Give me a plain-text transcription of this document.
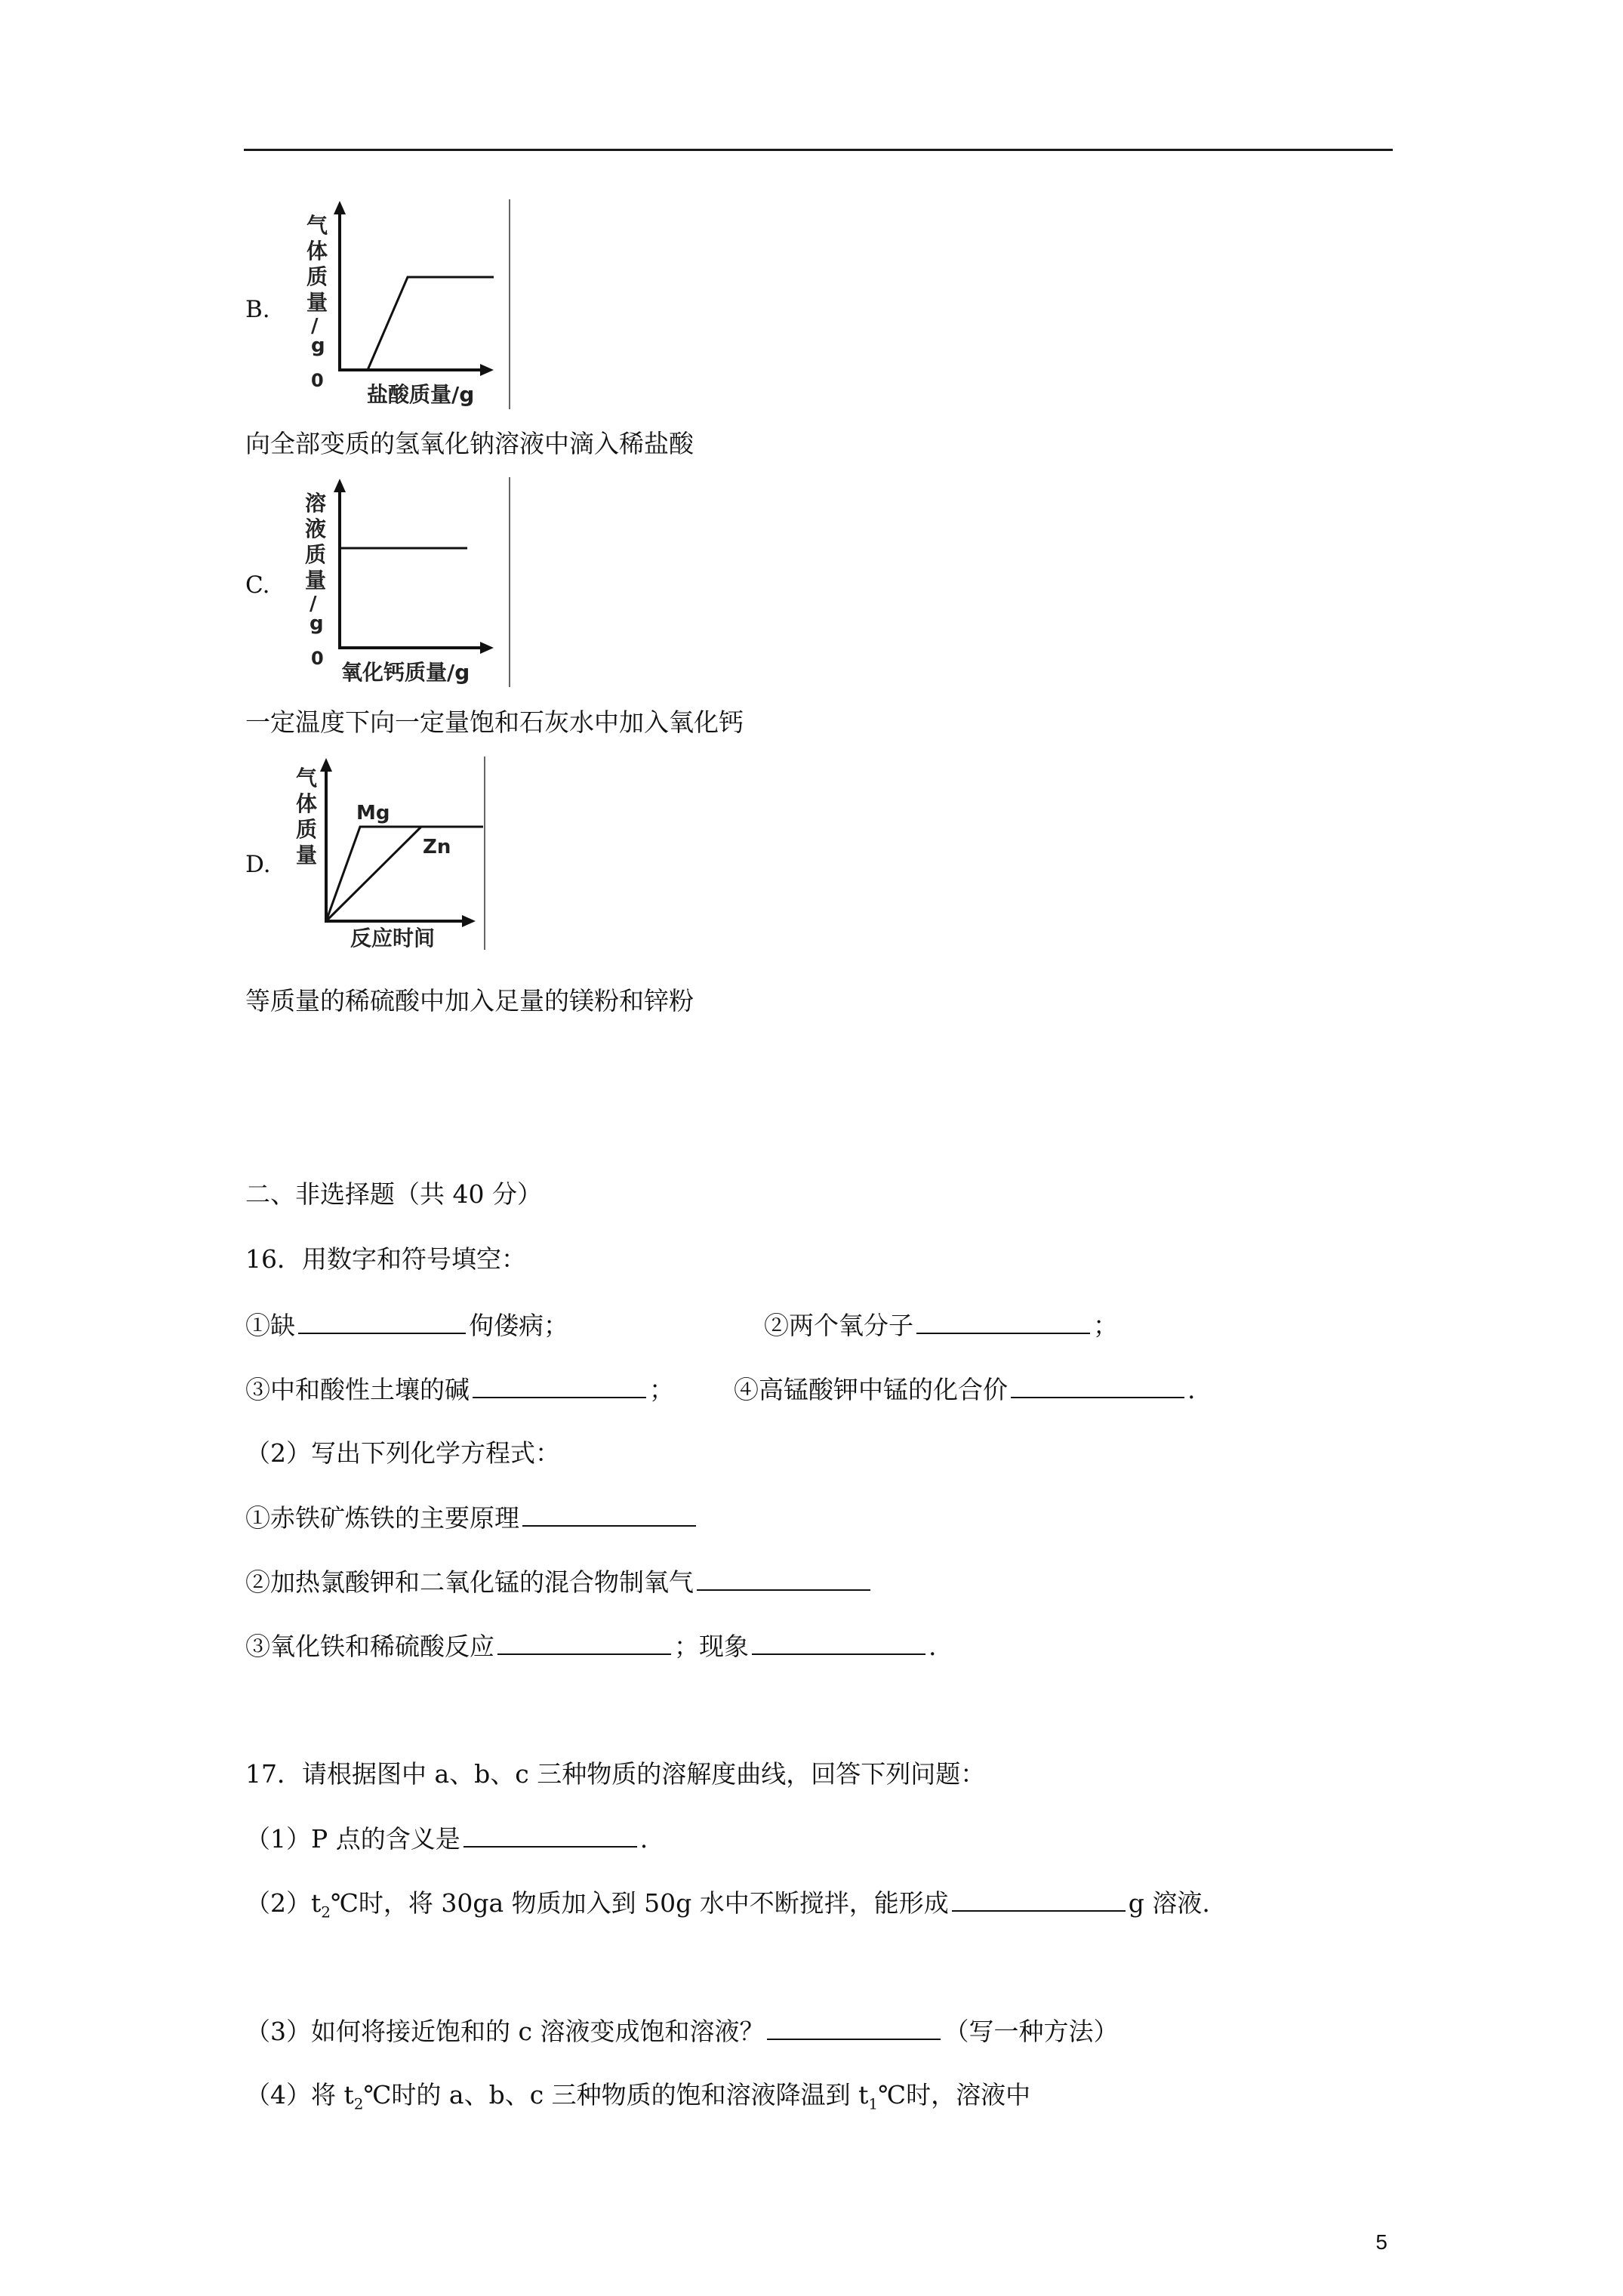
B.
气
体
质
量
/
g
0
盐酸质量/g
向全部变质的氢氧化钠溶液中滴入稀盐酸
C.
溶
液
质
量
/
g
0
氧化钙质量/g
一定温度下向一定量饱和石灰水中加入氧化钙
D.
Mg
Zn
气
体
质
量
反应时间
等质量的稀硫酸中加入足量的镁粉和锌粉
二、非选择题（共 40 分）
16．用数字和符号填空：
①缺	佝偻病；	②两个氧分子	；
③中和酸性土壤的碱	； ④高锰酸钾中锰的化合价	.
（2）写出下列化学方程式：
①赤铁矿炼铁的主要原理
②加热氯酸钾和二氧化锰的混合物制氧气
③氧化铁和稀硫酸反应	；现象	.
17．请根据图中 a、b、c 三种物质的溶解度曲线，回答下列问题：
（1）P 点的含义是	.
$(2)t_2℃$时，将 30ga 物质加入到 50g 水中不断搅拌，能形成	g 溶液.
（3）如何将接近饱和的 c 溶液变成饱和溶液？	（写一种方法）
（4）将 $t_2℃$时的 a、b、c 三种物质的饱和溶液降温到 $t_1℃$时，溶液中
5
